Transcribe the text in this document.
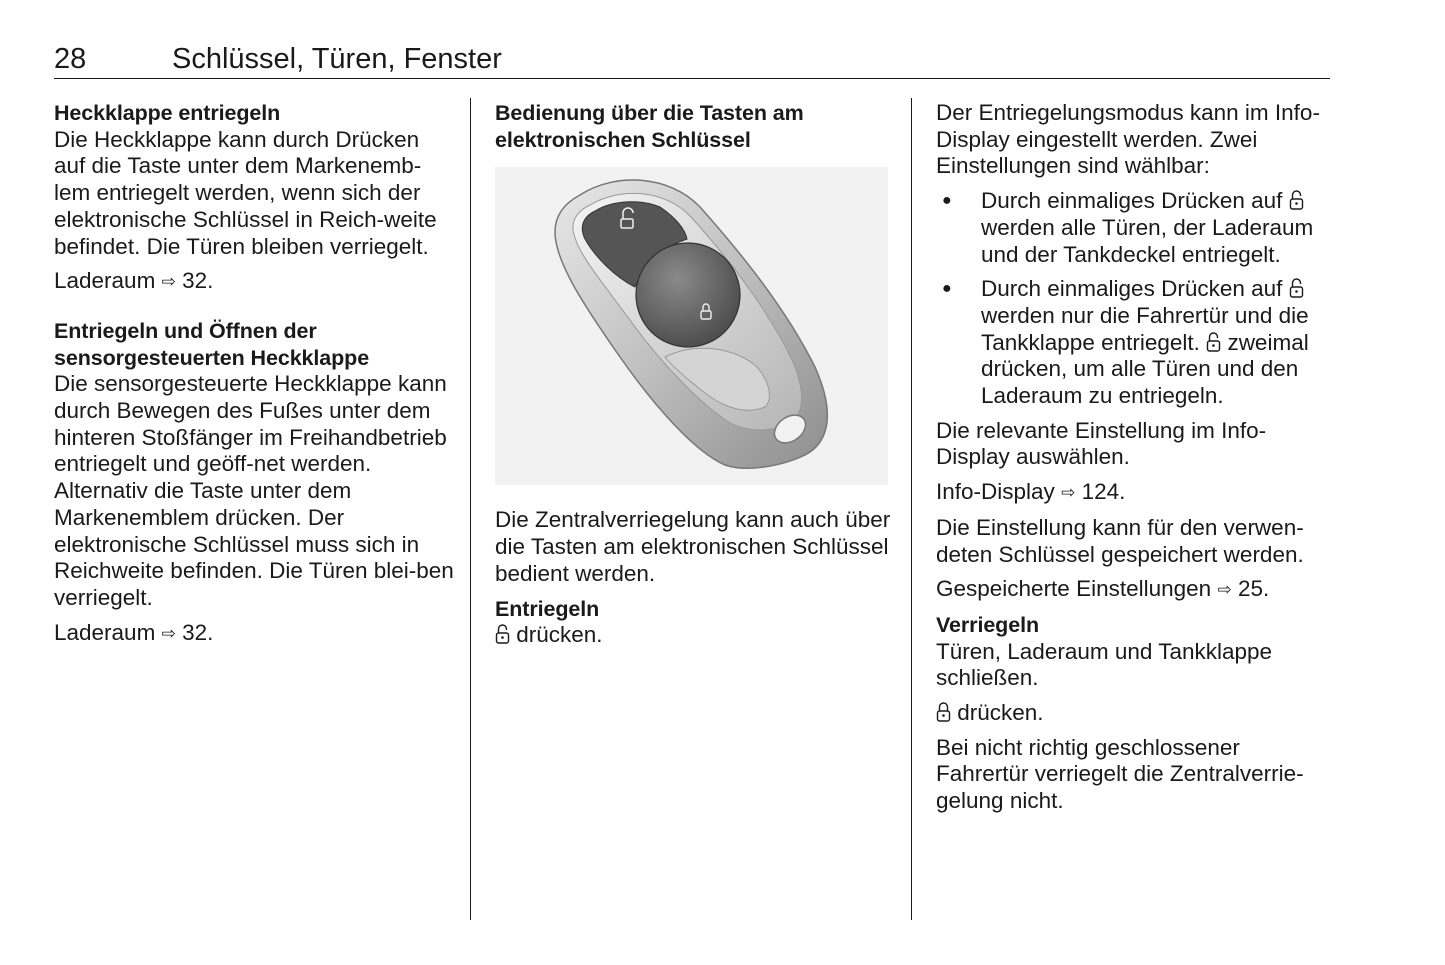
28	Schlüssel, Türen, Fenster
Heckklappe entriegeln

Die Heckklappe kann durch Drücken auf die Taste unter dem Markenemb-lem entriegelt werden, wenn sich der elektronische Schlüssel in Reich-weite befindet. Die Türen bleiben verriegelt.

Laderaum ⇨ 32.

Entriegeln und Öffnen der sensorgesteuerten Heckklappe

Die sensorgesteuerte Heckklappe kann durch Bewegen des Fußes unter dem hinteren Stoßfänger im Freihandbetrieb entriegelt und geöff-net werden. Alternativ die Taste unter dem Markenemblem drücken. Der elektronische Schlüssel muss sich in Reichweite befinden. Die Türen blei-ben verriegelt.

Laderaum ⇨ 32.

Bedienung über die Tasten am elektronischen Schlüssel

Die Zentralverriegelung kann auch über die Tasten am elektronischen Schlüssel bedient werden.

Entriegeln

drücken.

Der Entriegelungsmodus kann im Info-Display eingestellt werden. Zwei Einstellungen sind wählbar:

● Durch einmaliges Drücken auf  werden alle Türen, der Laderaum und der Tankdeckel entriegelt.
● Durch einmaliges Drücken auf  werden nur die Fahrertür und die Tankklappe entriegelt. zweimal drücken, um alle Türen und den Laderaum zu entriegeln.

Die relevante Einstellung im Info-Display auswählen.

Info-Display ⇨ 124.

Die Einstellung kann für den verwen-deten Schlüssel gespeichert werden.

Gespeicherte Einstellungen ⇨ 25.

Verriegeln

Türen, Laderaum und Tankklappe schließen.

drücken.

Bei nicht richtig geschlossener Fahrertür verriegelt die Zentralverrie-gelung nicht.
